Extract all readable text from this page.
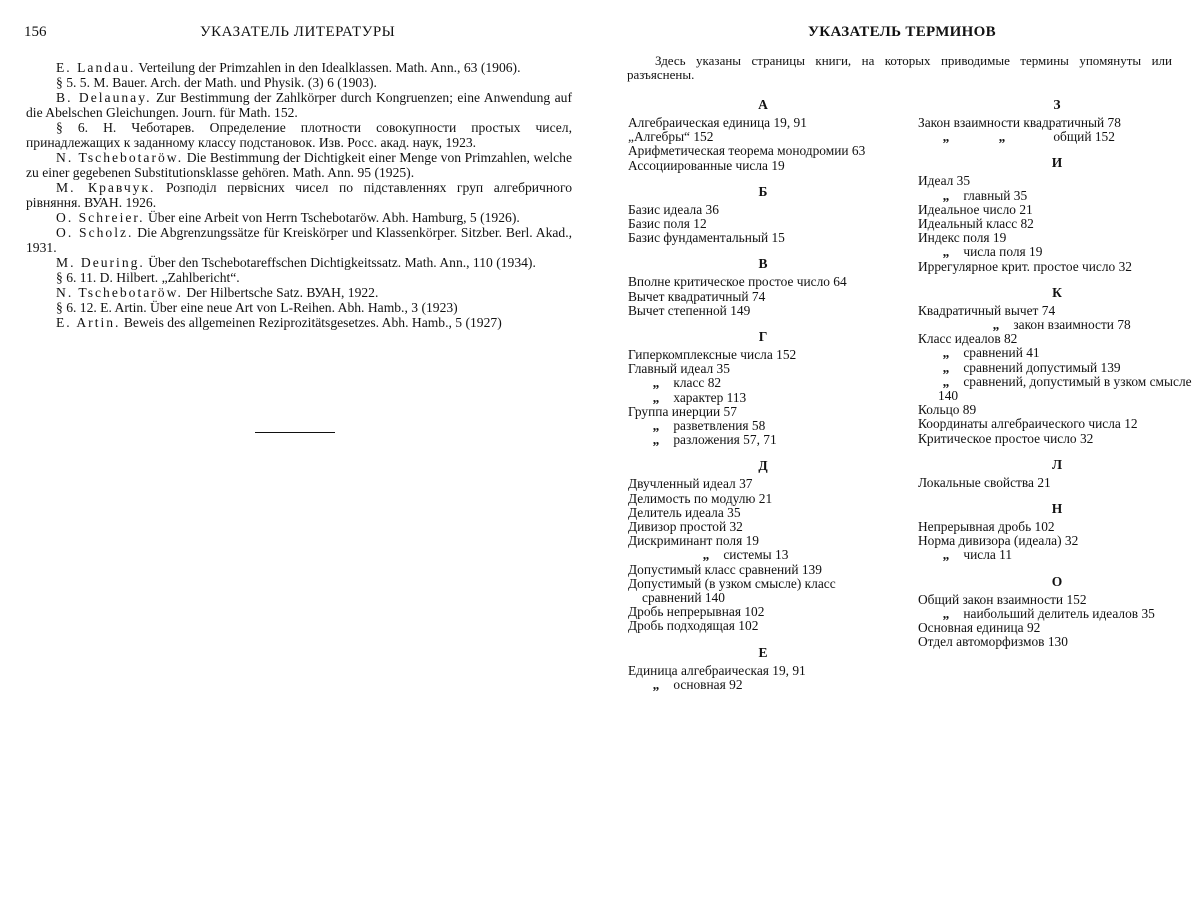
156	УКАЗАТЕЛЬ ЛИТЕРАТУРЫ

E. Landau. Verteilung der Primzahlen in den Idealklassen. Math. Ann., 63 (1906).

§ 5. 5. M. Bauer. Arch. der Math. und Physik. (3) 6 (1903).

B. Delaunay. Zur Bestimmung der Zahlkörper durch Kongruenzen; eine Anwendung auf die Abelschen Gleichungen. Journ. für Math. 152.

§ 6. Н. Чеботарев. Определение плотности совокупности простых чисел, принадлежащих к заданному классу подстановок. Изв. Росс. акад. наук, 1923.

N. Tschebotaröw. Die Bestimmung der Dichtigkeit einer Menge von Primzahlen, welche zu einer gegebenen Substitutionsklasse gehören. Math. Ann. 95 (1925).

М. Кравчук. Розподiл первiсних чисел по пiдставленнях груп алгебричного рiвняння. ВУАН. 1926.

O. Schreier. Über eine Arbeit von Herrn Tschebotaröw. Abh. Hamburg, 5 (1926).

O. Scholz. Die Abgrenzungssätze für Kreiskörper und Klassenkörper. Sitzber. Berl. Akad., 1931.

M. Deuring. Über den Tschebotareffschen Dichtigkeitssatz. Math. Ann., 110 (1934).

§ 6. 11. D. Hilbert. „Zahlbericht“.

N. Tschebotaröw. Der Hilbertsche Satz. ВУАН, 1922.

§ 6. 12. E. Artin. Über eine neue Art von L-Reihen. Abh. Hamb., 3 (1923)

E. Artin. Beweis des allgemeinen Reziprozitätsgesetzes. Abh. Hamb., 5 (1927)

УКАЗАТЕЛЬ ТЕРМИНОВ
Здесь указаны страницы книги, на которых приводимые термины упомянуты или разъяснены.
А
Алгебраическая единица 19, 91
„Алгебры“ 152
Арифметическая теорема монодромии 63
Ассоциированные числа 19
Б
Базис идеала 36
Базис поля 12
Базис фундаментальный 15
В
Вполне критическое простое число 64
Вычет квадратичный 74
Вычет степенной 149
Г
Гиперкомплексные числа 152
Главный идеал 35
„ класс 82
„ характер 113
Группа инерции 57
„ разветвления 58
„ разложения 57, 71
Д
Двучленный идеал 37
Делимость по модулю 21
Делитель идеала 35
Дивизор простой 32
Дискриминант поля 19
„ системы 13
Допустимый класс сравнений 139
Допустимый (в узком смысле) класс сравнений 140
Дробь непрерывная 102
Дробь подходящая 102
Е
Единица алгебраическая 19, 91
„ основная 92
З
Закон взаимности квадратичный 78
„	„	общий 152
И
Идеал 35
„ главный 35
Идеальное число 21
Идеальный класс 82
Индекс поля 19
„ числа поля 19
Иррегулярное крит. простое число 32
К
Квадратичный вычет 74
„ закон взаимности 78
Класс идеалов 82
„ сравнений 41
„ сравнений допустимый 139
„ сравнений, допустимый в узком смысле 140
Кольцо 89
Координаты алгебраического числа 12
Критическое простое число 32
Л
Локальные свойства 21
Н
Непрерывная дробь 102
Норма дивизора (идеала) 32
„ числа 11
О
Общий закон взаимности 152
„ наибольший делитель идеалов 35
Основная единица 92
Отдел автоморфизмов 130
